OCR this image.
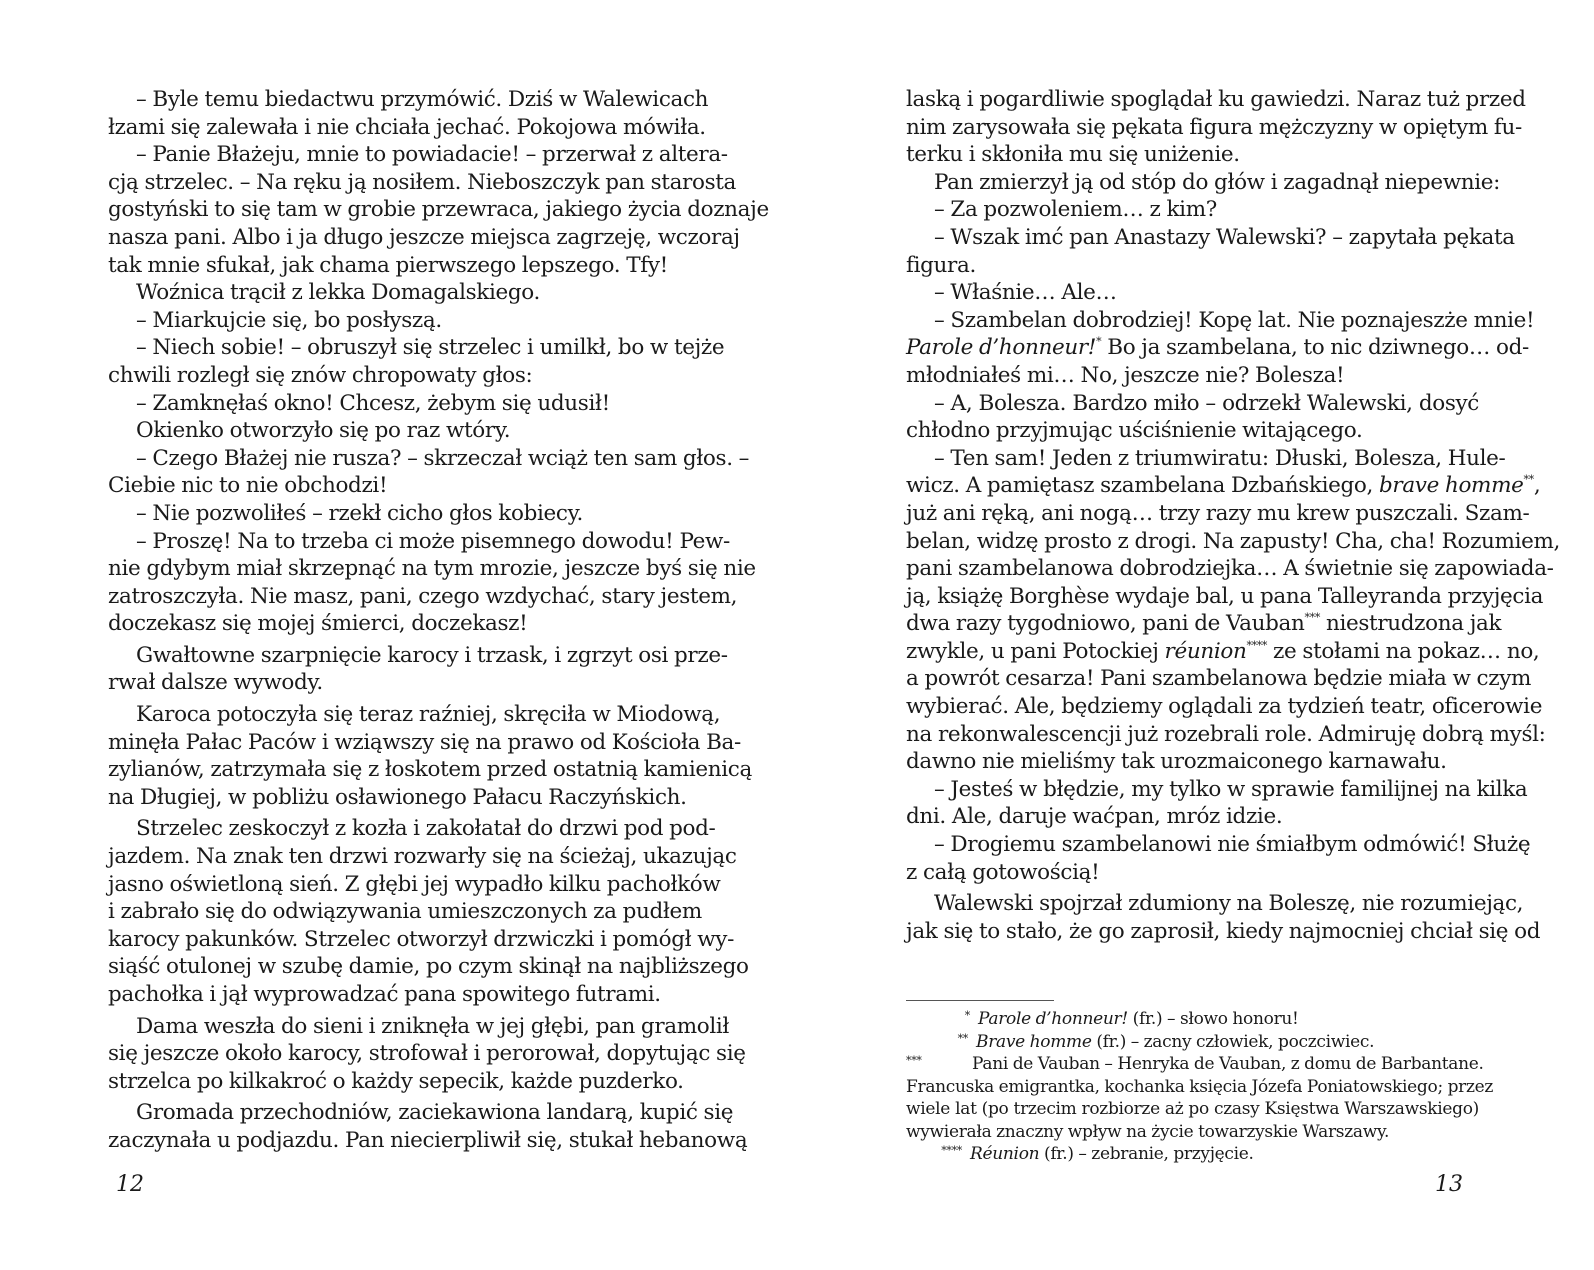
– Byle temu biedactwu przymówić. Dziś w Walewicach
łzami się zalewała i nie chciała jechać. Pokojowa mówiła.
– Panie Błażeju, mnie to powiadacie! – przerwał z altera-
cją strzelec. – Na ręku ją nosiłem. Nieboszczyk pan starosta
gostyński to się tam w grobie przewraca, jakiego życia doznaje
nasza pani. Albo i ja długo jeszcze miejsca zagrzeję, wczoraj
tak mnie sfukał, jak chama pierwszego lepszego. Tfy!
Woźnica trącił z lekka Domagalskiego.
– Miarkujcie się, bo posłyszą.
– Niech sobie! – obruszył się strzelec i umilkł, bo w tejże
chwili rozległ się znów chropowaty głos:
– Zamknęłaś okno! Chcesz, żebym się udusił!
Okienko otworzyło się po raz wtóry.
– Czego Błażej nie rusza? – skrzeczał wciąż ten sam głos. –
Ciebie nic to nie obchodzi!
– Nie pozwoliłeś – rzekł cicho głos kobiecy.
– Proszę! Na to trzeba ci może pisemnego dowodu! Pew-
nie gdybym miał skrzepnąć na tym mrozie, jeszcze byś się nie
zatroszczyła. Nie masz, pani, czego wzdychać, stary jestem,
doczekasz się mojej śmierci, doczekasz!
Gwałtowne szarpnięcie karocy i trzask, i zgrzyt osi prze-
rwał dalsze wywody.
Karoca potoczyła się teraz raźniej, skręciła w Miodową,
minęła Pałac Paców i wziąwszy się na prawo od Kościoła Ba-
zylianów, zatrzymała się z łoskotem przed ostatnią kamienicą
na Długiej, w pobliżu osławionego Pałacu Raczyńskich.
Strzelec zeskoczył z kozła i zakołatał do drzwi pod pod-
jazdem. Na znak ten drzwi rozwarły się na ścieżaj, ukazując
jasno oświetloną sień. Z głębi jej wypadło kilku pachołków
i zabrało się do odwiązywania umieszczonych za pudłem
karocy pakunków. Strzelec otworzył drzwiczki i pomógł wy-
siąść otulonej w szubę damie, po czym skinął na najbliższego
pachołka i jął wyprowadzać pana spowitego futrami.
Dama weszła do sieni i zniknęła w jej głębi, pan gramolił
się jeszcze około karocy, strofował i perorował, dopytując się
strzelca po kilkakroć o każdy sepecik, każde puzderko.
Gromada przechodniów, zaciekawiona landarą, kupić się
zaczynała u podjazdu. Pan niecierpliwił się, stukał hebanową
12
laską i pogardliwie spoglądał ku gawiedzi. Naraz tuż przed
nim zarysowała się pękata figura mężczyzny w opiętym fu-
terku i skłoniła mu się uniżenie.
Pan zmierzył ją od stóp do głów i zagadnął niepewnie:
– Za pozwoleniem… z kim?
– Wszak imć pan Anastazy Walewski? – zapytała pękata
figura.
– Właśnie… Ale…
– Szambelan dobrodziej! Kopę lat. Nie poznajeszże mnie!
Parole d’honneur!* Bo ja szambelana, to nic dziwnego… od-
młodniałeś mi… No, jeszcze nie? Bolesza!
– A, Bolesza. Bardzo miło – odrzekł Walewski, dosyć
chłodno przyjmując uściśnienie witającego.
– Ten sam! Jeden z triumwiratu: Dłuski, Bolesza, Hule-
wicz. A pamiętasz szambelana Dzbańskiego, brave homme**,
już ani ręką, ani nogą… trzy razy mu krew puszczali. Szam-
belan, widzę prosto z drogi. Na zapusty! Cha, cha! Rozumiem,
pani szambelanowa dobrodziejka… A świetnie się zapowiada-
ją, książę Borghèse wydaje bal, u pana Talleyranda przyjęcia
dwa razy tygodniowo, pani de Vauban*** niestrudzona jak
zwykle, u pani Potockiej réunion**** ze stołami na pokaz… no,
a powrót cesarza! Pani szambelanowa będzie miała w czym
wybierać. Ale, będziemy oglądali za tydzień teatr, oficerowie
na rekonwalescencji już rozebrali role. Admiruję dobrą myśl:
dawno nie mieliśmy tak urozmaiconego karnawału.
– Jesteś w błędzie, my tylko w sprawie familijnej na kilka
dni. Ale, daruje waćpan, mróz idzie.
– Drogiemu szambelanowi nie śmiałbym odmówić! Służę
z całą gotowością!
Walewski spojrzał zdumiony na Boleszę, nie rozumiejąc,
jak się to stało, że go zaprosił, kiedy najmocniej chciał się od
* Parole d’honneur! (fr.) – słowo honoru!
** Brave homme (fr.) – zacny człowiek, poczciwiec.
***	Pani de Vauban – Henryka de Vauban, z domu de Barbantane.
Francuska emigrantka, kochanka księcia Józefa Poniatowskiego; przez
wiele lat (po trzecim rozbiorze aż po czasy Księstwa Warszawskiego)
wywierała znaczny wpływ na życie towarzyskie Warszawy.
**** Réunion (fr.) – zebranie, przyjęcie.
13
